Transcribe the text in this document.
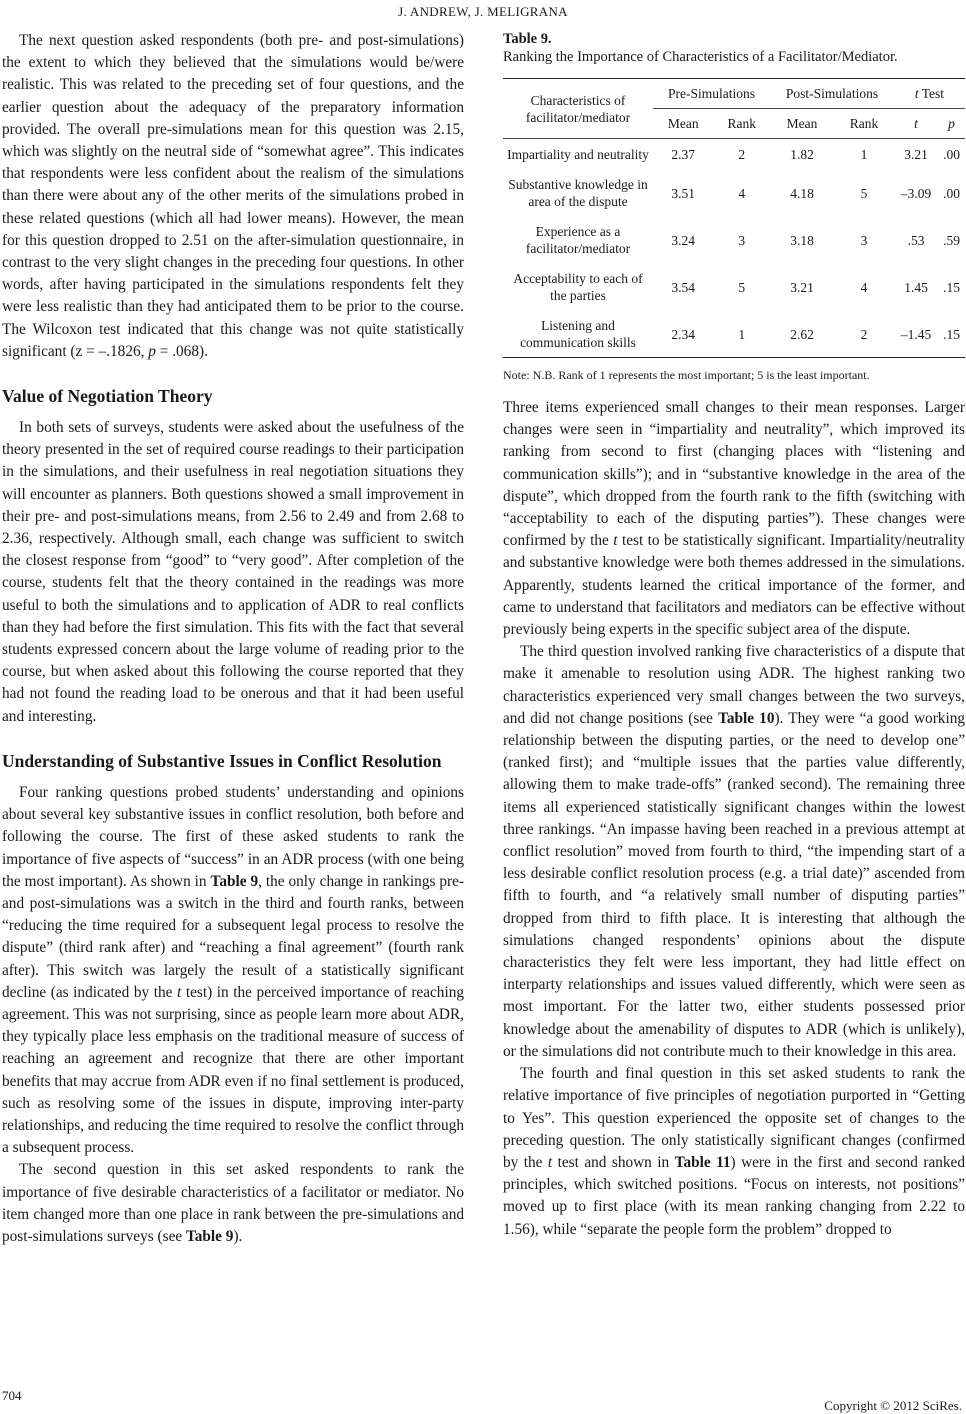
J. ANDREW, J. MELIGRANA

The next question asked respondents (both pre- and post-simulations) the extent to which they believed that the simulations would be/were realistic. This was related to the preceding set of four questions, and the earlier question about the adequacy of the preparatory information provided. The overall pre-simulations mean for this question was 2.15, which was slightly on the neutral side of “somewhat agree”. This indicates that respondents were less confident about the realism of the simulations than there were about any of the other merits of the simulations probed in these related questions (which all had lower means). However, the mean for this question dropped to 2.51 on the after-simulation questionnaire, in contrast to the very slight changes in the preceding four questions. In other words, after having participated in the simulations respondents felt they were less realistic than they had anticipated them to be prior to the course. The Wilcoxon test indicated that this change was not quite statistically significant (z = –.1826, p = .068).

Value of Negotiation Theory

In both sets of surveys, students were asked about the usefulness of the theory presented in the set of required course readings to their participation in the simulations, and their usefulness in real negotiation situations they will encounter as planners. Both questions showed a small improvement in their pre- and post-simulations means, from 2.56 to 2.49 and from 2.68 to 2.36, respectively. Although small, each change was sufficient to switch the closest response from “good” to “very good”. After completion of the course, students felt that the theory contained in the readings was more useful to both the simulations and to application of ADR to real conflicts than they had before the first simulation. This fits with the fact that several students expressed concern about the large volume of reading prior to the course, but when asked about this following the course reported that they had not found the reading load to be onerous and that it had been useful and interesting.

Understanding of Substantive Issues in Conflict Resolution

Four ranking questions probed students’ understanding and opinions about several key substantive issues in conflict resolution, both before and following the course. The first of these asked students to rank the importance of five aspects of “success” in an ADR process (with one being the most important). As shown in Table 9, the only change in rankings pre- and post-simulations was a switch in the third and fourth ranks, between “reducing the time required for a subsequent legal process to resolve the dispute” (third rank after) and “reaching a final agreement” (fourth rank after). This switch was largely the result of a statistically significant decline (as indicated by the t test) in the perceived importance of reaching agreement. This was not surprising, since as people learn more about ADR, they typically place less emphasis on the traditional measure of success of reaching an agreement and recognize that there are other important benefits that may accrue from ADR even if no final settlement is produced, such as resolving some of the issues in dispute, improving inter-party relationships, and reducing the time required to resolve the conflict through a subsequent process.

The second question in this set asked respondents to rank the importance of five desirable characteristics of a facilitator or mediator. No item changed more than one place in rank between the pre-simulations and post-simulations surveys (see Table 9).

Table 9.

Ranking the Importance of Characteristics of a Facilitator/Mediator.

Characteristics of facilitator/mediator	Pre-Simulations		Post-Simulations		t Test	
	Mean	Rank	Mean	Rank	t	p
Impartiality and neutrality	2.37	2	1.82	1	3.21	.00
Substantive knowledge in area of the dispute	3.51	4	4.18	5	–3.09	.00
Experience as a facilitator/mediator	3.24	3	3.18	3	.53	.59
Acceptability to each of the parties	3.54	5	3.21	4	1.45	.15
Listening and communication skills	2.34	1	2.62	2	–1.45	.15

Note: N.B. Rank of 1 represents the most important; 5 is the least important.

Three items experienced small changes to their mean responses. Larger changes were seen in “impartiality and neutrality”, which improved its ranking from second to first (changing places with “listening and communication skills”); and in “substantive knowledge in the area of the dispute”, which dropped from the fourth rank to the fifth (switching with “acceptability to each of the disputing parties”). These changes were confirmed by the t test to be statistically significant. Impartiality/neutrality and substantive knowledge were both themes addressed in the simulations. Apparently, students learned the critical importance of the former, and came to understand that facilitators and mediators can be effective without previously being experts in the specific subject area of the dispute.

The third question involved ranking five characteristics of a dispute that make it amenable to resolution using ADR. The highest ranking two characteristics experienced very small changes between the two surveys, and did not change positions (see Table 10). They were “a good working relationship between the disputing parties, or the need to develop one” (ranked first); and “multiple issues that the parties value differently, allowing them to make trade-offs” (ranked second). The remaining three items all experienced statistically significant changes within the lowest three rankings. “An impasse having been reached in a previous attempt at conflict resolution” moved from fourth to third, “the impending start of a less desirable conflict resolution process (e.g. a trial date)” ascended from fifth to fourth, and “a relatively small number of disputing parties” dropped from third to fifth place. It is interesting that although the simulations changed respondents’ opinions about the dispute characteristics they felt were less important, they had little effect on interparty relationships and issues valued differently, which were seen as most important. For the latter two, either students possessed prior knowledge about the amenability of disputes to ADR (which is unlikely), or the simulations did not contribute much to their knowledge in this area.

The fourth and final question in this set asked students to rank the relative importance of five principles of negotiation purported in “Getting to Yes”. This question experienced the opposite set of changes to the preceding question. The only statistically significant changes (confirmed by the t test and shown in Table 11) were in the first and second ranked principles, which switched positions. “Focus on interests, not positions” moved up to first place (with its mean ranking changing from 2.22 to 1.56), while “separate the people form the problem” dropped to

704
Copyright © 2012 SciRes.
